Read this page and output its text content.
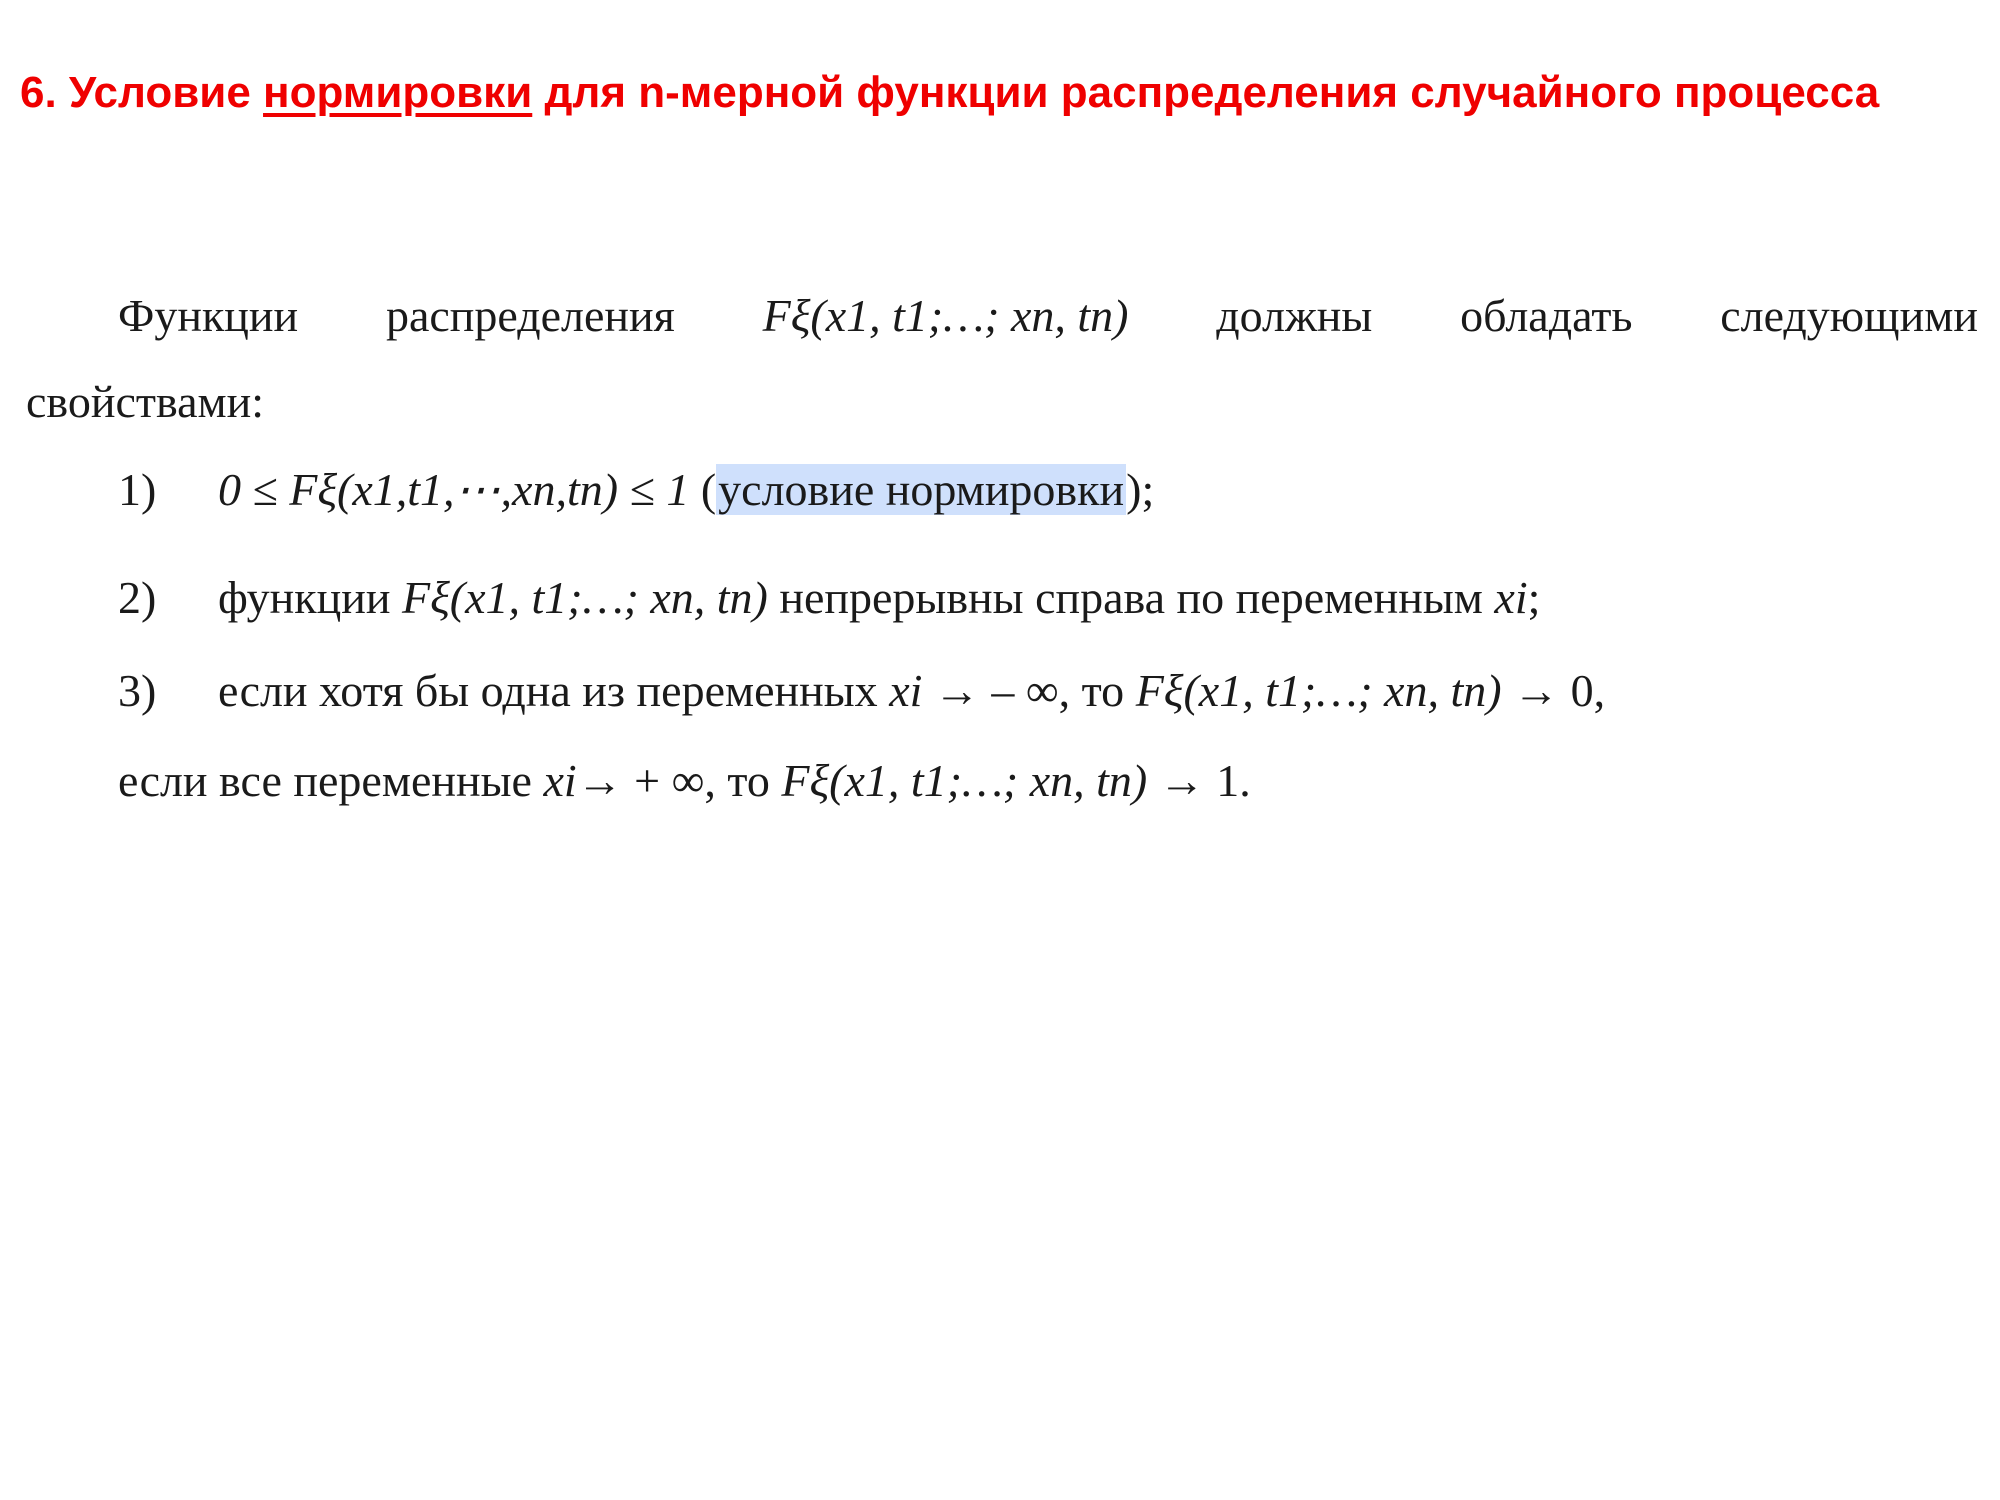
6. Условие нормировки для n-мерной функции распределения случайного процесса
Функции распределения Fξ(x1, t1;…; xn, tn) должны обладать следующими
свойствами:
1) 0 ≤ Fξ(x1,t1,⋯,xn,tn) ≤ 1 (условие нормировки);
2) функции Fξ(x1, t1;…; xn, tn) непрерывны справа по переменным xi;
3) если хотя бы одна из переменных xi → – ∞, то Fξ(x1, t1;…; xn, tn) → 0,
если все переменные xi→ + ∞, то Fξ(x1, t1;…; xn, tn) → 1.
